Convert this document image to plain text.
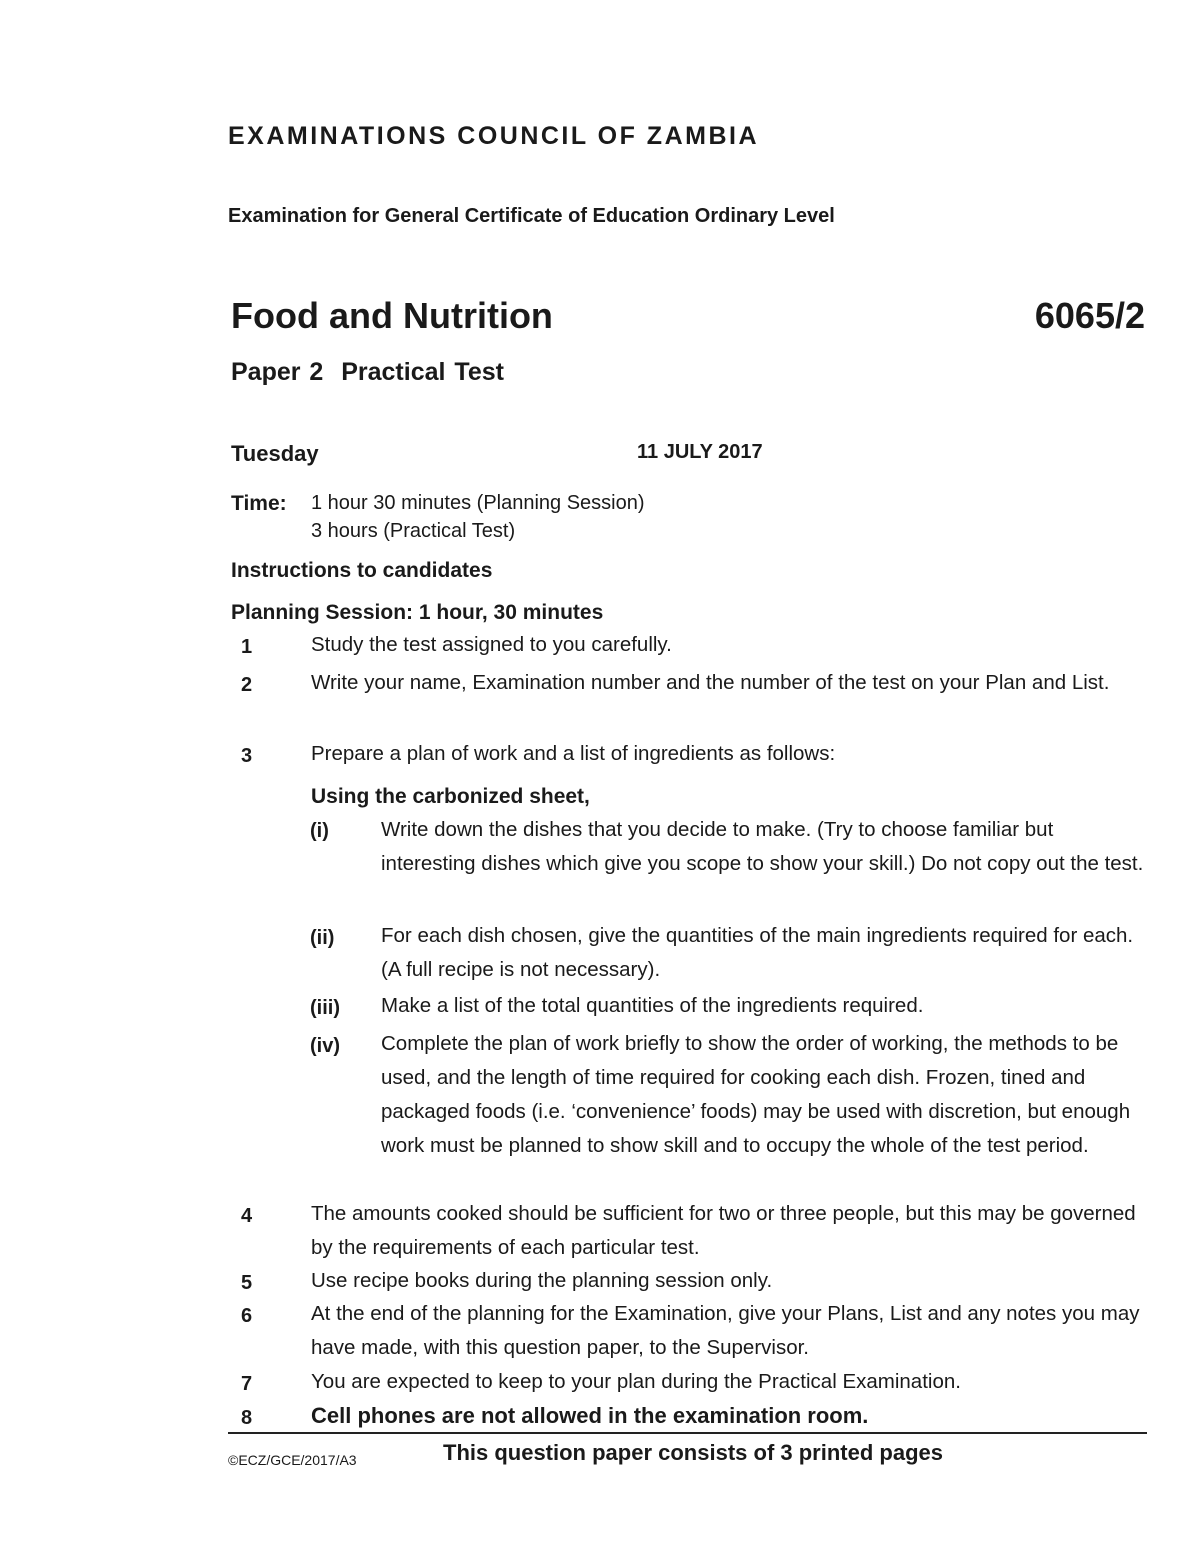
EXAMINATIONS COUNCIL OF ZAMBIA
Examination for General Certificate of Education Ordinary Level
Food and Nutrition	6065/2
Paper 2  Practical Test
Tuesday	11 JULY 2017
Time: 1 hour 30 minutes (Planning Session)
3 hours (Practical Test)
Instructions to candidates
Planning Session: 1 hour, 30 minutes
1	Study the test assigned to you carefully.
2	Write your name, Examination number and the number of the test on your Plan and List.
3	Prepare a plan of work and a list of ingredients as follows:
Using the carbonized sheet,
(i)	Write down the dishes that you decide to make. (Try to choose familiar but interesting dishes which give you scope to show your skill.) Do not copy out the test.
(ii) For each dish chosen, give the quantities of the main ingredients required for each. (A full recipe is not necessary).
(iii) Make a list of the total quantities of the ingredients required.
(iv) Complete the plan of work briefly to show the order of working, the methods to be used, and the length of time required for cooking each dish. Frozen, tined and packaged foods (i.e. ‘convenience’ foods) may be used with discretion, but enough work must be planned to show skill and to occupy the whole of the test period.
4	The amounts cooked should be sufficient for two or three people, but this may be governed by the requirements of each particular test.
5	Use recipe books during the planning session only.
6	At the end of the planning for the Examination, give your Plans, List and any notes you may have made, with this question paper, to the Supervisor.
7	You are expected to keep to your plan during the Practical Examination.
8	Cell phones are not allowed in the examination room.
©ECZ/GCE/2017/A3	This question paper consists of 3 printed pages
